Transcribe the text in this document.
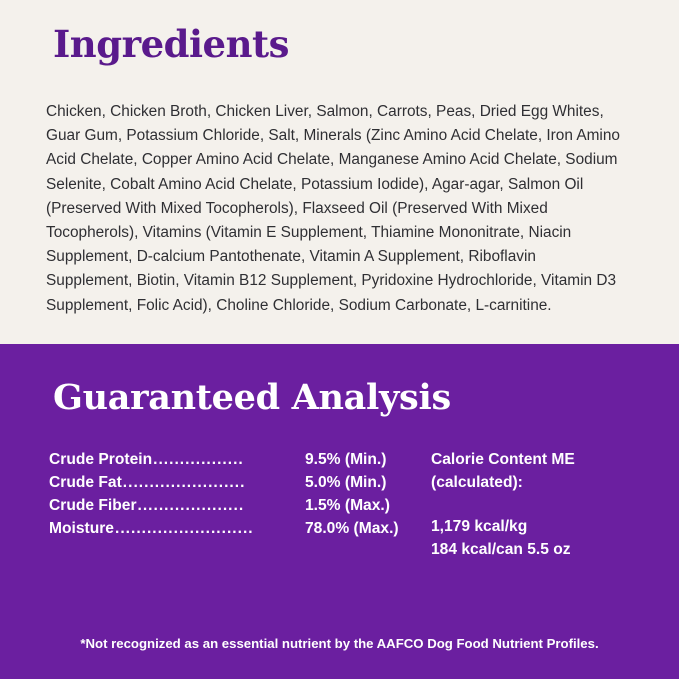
Ingredients

Chicken, Chicken Broth, Chicken Liver, Salmon, Carrots, Peas, Dried Egg Whites, Guar Gum, Potassium Chloride, Salt, Minerals (Zinc Amino Acid Chelate, Iron Amino Acid Chelate, Copper Amino Acid Chelate, Manganese Amino Acid Chelate, Sodium Selenite, Cobalt Amino Acid Chelate, Potassium Iodide), Agar-agar, Salmon Oil (Preserved With Mixed Tocopherols), Flaxseed Oil (Preserved With Mixed Tocopherols), Vitamins (Vitamin E Supplement, Thiamine Mononitrate, Niacin Supplement, D-calcium Pantothenate, Vitamin A Supplement, Riboflavin Supplement, Biotin, Vitamin B12 Supplement, Pyridoxine Hydrochloride, Vitamin D3 Supplement, Folic Acid), Choline Chloride, Sodium Carbonate, L-carnitine.

Guaranteed Analysis
Crude Protein .................	9.5% (Min.)
Crude Fat .......................	5.0% (Min.)
Crude Fiber ....................	1.5% (Max.)
Moisture ..........................	78.0% (Max.)
Calorie Content ME
(calculated):
1,179 kcal/kg
184 kcal/can 5.5 oz
*Not recognized as an essential nutrient by the AAFCO Dog Food Nutrient Profiles.
